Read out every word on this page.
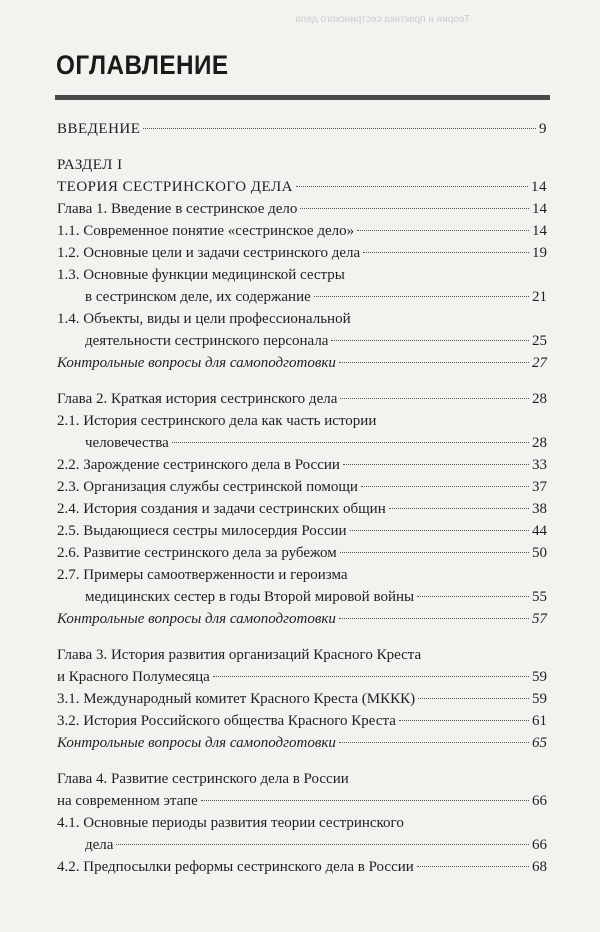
Теория и практика сестринского дела
ОГЛАВЛЕНИЕ
ВВЕДЕНИЕ	9
РАЗДЕЛ I
ТЕОРИЯ СЕСТРИНСКОГО ДЕЛА	14
Глава 1. Введение в сестринское дело	14
1.1. Современное понятие «сестринское дело»	14
1.2. Основные цели и задачи сестринского дела	19
1.3. Основные функции медицинской сестры
в сестринском деле, их содержание	21
1.4. Объекты, виды и цели профессиональной
деятельности сестринского персонала	25
Контрольные вопросы для самоподготовки	27
Глава 2. Краткая история сестринского дела	28
2.1. История сестринского дела как часть истории
человечества	28
2.2. Зарождение сестринского дела в России	33
2.3. Организация службы сестринской помощи	37
2.4. История создания и задачи сестринских общин	38
2.5. Выдающиеся сестры милосердия России	44
2.6. Развитие сестринского дела за рубежом	50
2.7. Примеры самоотверженности и героизма
медицинских сестер в годы Второй мировой войны	55
Контрольные вопросы для самоподготовки	57
Глава 3. История развития организаций Красного Креста
и Красного Полумесяца	59
3.1. Международный комитет Красного Креста (МККК)	59
3.2. История Российского общества Красного Креста	61
Контрольные вопросы для самоподготовки	65
Глава 4. Развитие сестринского дела в России
на современном этапе	66
4.1. Основные периоды развития теории сестринского
дела	66
4.2. Предпосылки реформы сестринского дела в России	68
